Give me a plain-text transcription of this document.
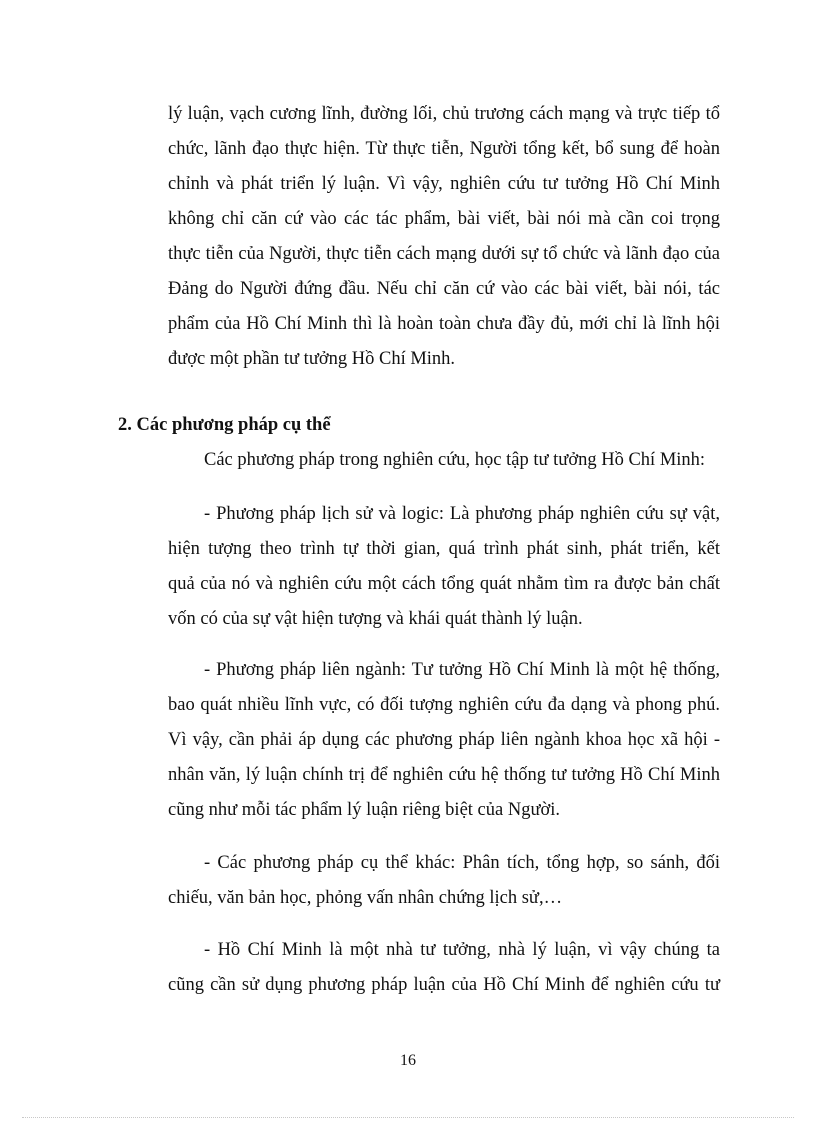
lý luận, vạch cương lĩnh, đường lối, chủ trương cách mạng và trực tiếp tổ

chức, lãnh đạo thực hiện. Từ thực tiễn, Người tổng kết, bổ sung để hoàn

chỉnh và phát triển lý luận. Vì vậy, nghiên cứu tư tưởng Hồ Chí Minh

không chỉ căn cứ vào các tác phẩm, bài viết, bài nói mà cần coi trọng

thực tiễn của Người, thực tiễn cách mạng dưới sự tổ chức và lãnh đạo của

Đảng do Người đứng đầu. Nếu chỉ căn cứ vào các bài viết, bài nói, tác

phẩm của Hồ Chí Minh thì là hoàn toàn chưa đầy đủ, mới chỉ là lĩnh hội

được một phần tư tưởng Hồ Chí Minh.

2. Các phương pháp cụ thể

Các phương pháp trong nghiên cứu, học tập tư tưởng Hồ Chí Minh:

- Phương pháp lịch sử và logic: Là phương pháp nghiên cứu sự vật,

hiện tượng theo trình tự thời gian, quá trình phát sinh, phát triển, kết

quả của nó và nghiên cứu một cách tổng quát nhằm tìm ra được bản chất

vốn có của sự vật hiện tượng và khái quát thành lý luận.

- Phương pháp liên ngành: Tư tưởng Hồ Chí Minh là một hệ thống,

bao quát nhiều lĩnh vực, có đối tượng nghiên cứu đa dạng và phong phú.

Vì vậy, cần phải áp dụng các phương pháp liên ngành khoa học xã hội -

nhân văn, lý luận chính trị để nghiên cứu hệ thống tư tưởng Hồ Chí Minh

cũng như mỗi tác phẩm lý luận riêng biệt của Người.

- Các phương pháp cụ thể khác: Phân tích, tổng hợp, so sánh, đối

chiếu, văn bản học, phỏng vấn nhân chứng lịch sử,…

- Hồ Chí Minh là một nhà tư tưởng, nhà lý luận, vì vậy chúng ta

cũng cần sử dụng phương pháp luận của Hồ Chí Minh để nghiên cứu tư

16
